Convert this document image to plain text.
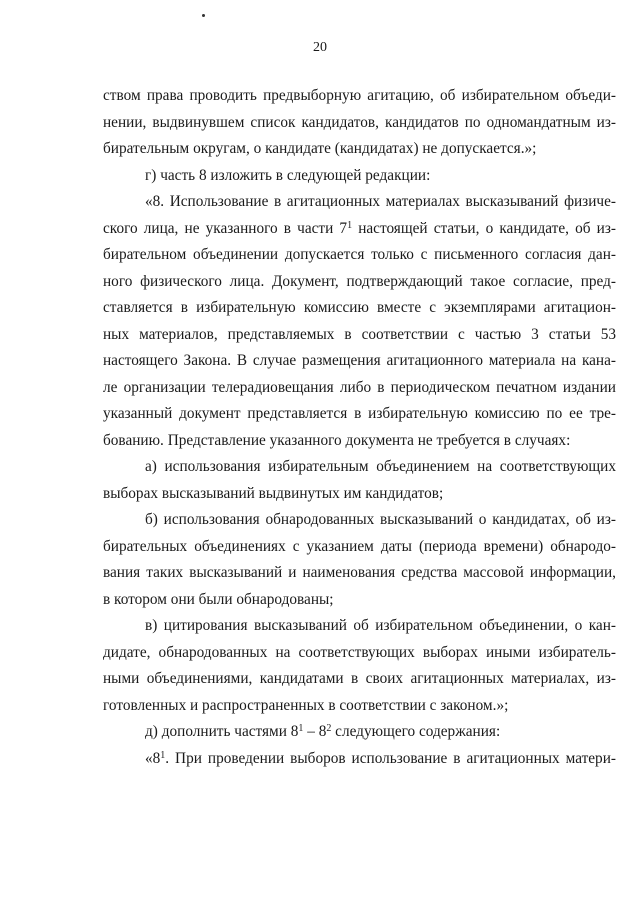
20
ством права проводить предвыборную агитацию, об избирательном объеди-
нении, выдвинувшем список кандидатов, кандидатов по одномандатным из-
бирательным округам, о кандидате (кандидатах) не допускается.»;
г) часть 8 изложить в следующей редакции:
«8. Использование в агитационных материалах высказываний физиче-
ского лица, не указанного в части $7^1$ настоящей статьи, о кандидате, об из-
бирательном объединении допускается только с письменного согласия дан-
ного физического лица. Документ, подтверждающий такое согласие, пред-
ставляется в избирательную комиссию вместе с экземплярами агитацион-
ных материалов, представляемых в соответствии с частью 3 статьи 53
настоящего Закона. В случае размещения агитационного материала на кана-
ле организации телерадиовещания либо в периодическом печатном издании
указанный документ представляется в избирательную комиссию по ее тре-
бованию. Представление указанного документа не требуется в случаях:
а) использования избирательным объединением на соответствующих
выборах высказываний выдвинутых им кандидатов;
б) использования обнародованных высказываний о кандидатах, об из-
бирательных объединениях с указанием даты (периода времени) обнародо-
вания таких высказываний и наименования средства массовой информации,
в котором они были обнародованы;
в) цитирования высказываний об избирательном объединении, о кан-
дидате, обнародованных на соответствующих выборах иными избиратель-
ными объединениями, кандидатами в своих агитационных материалах, из-
готовленных и распространенных в соответствии с законом.»;
д) дополнить частями $8^1 - 8^2$ следующего содержания:
«$8^1$. При проведении выборов использование в агитационных матери-
